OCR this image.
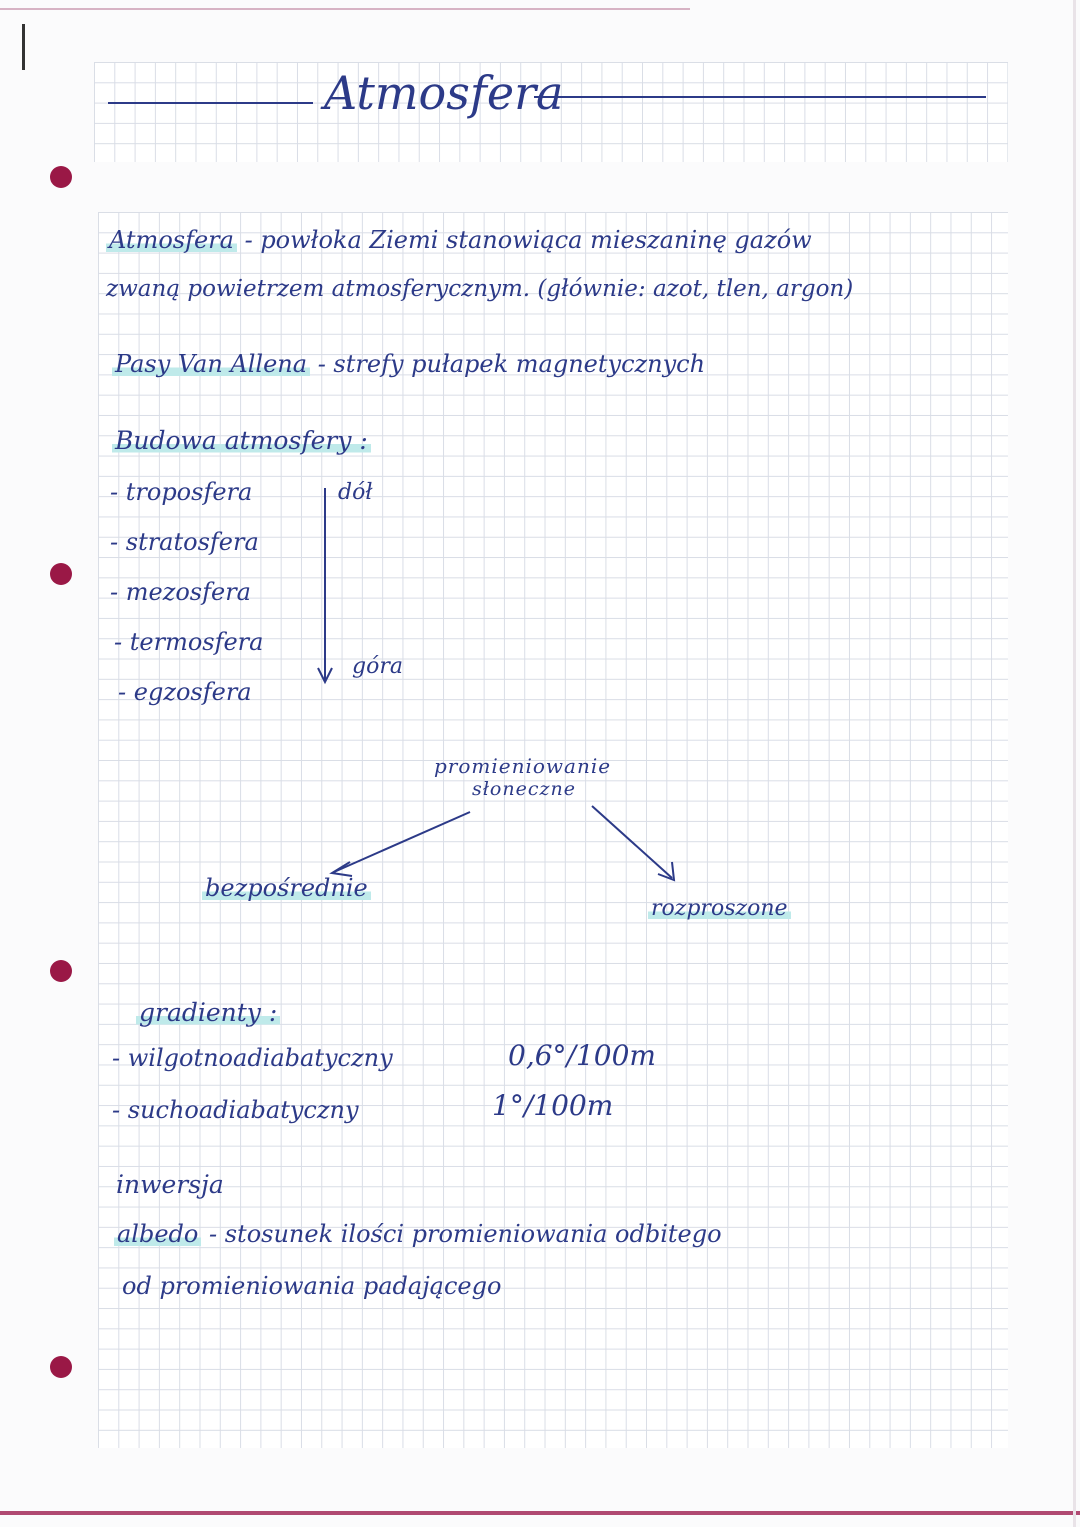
Atmosfera
Atmosfera - powłoka Ziemi stanowiąca mieszaninę gazów
zwaną powietrzem atmosferycznym. (głównie: azot, tlen, argon)
Pasy Van Allena - strefy pułapek magnetycznych
Budowa atmosfery :
- troposfera
- stratosfera
- mezosfera
- termosfera
- egzosfera
dół
góra
promieniowanie
słoneczne
bezpośrednie
rozproszone
gradienty :
- wilgotnoadiabatyczny	0,6°/100m
- suchoadiabatyczny	1°/100m
inwersja
albedo - stosunek ilości promieniowania odbitego
od promieniowania padającego
